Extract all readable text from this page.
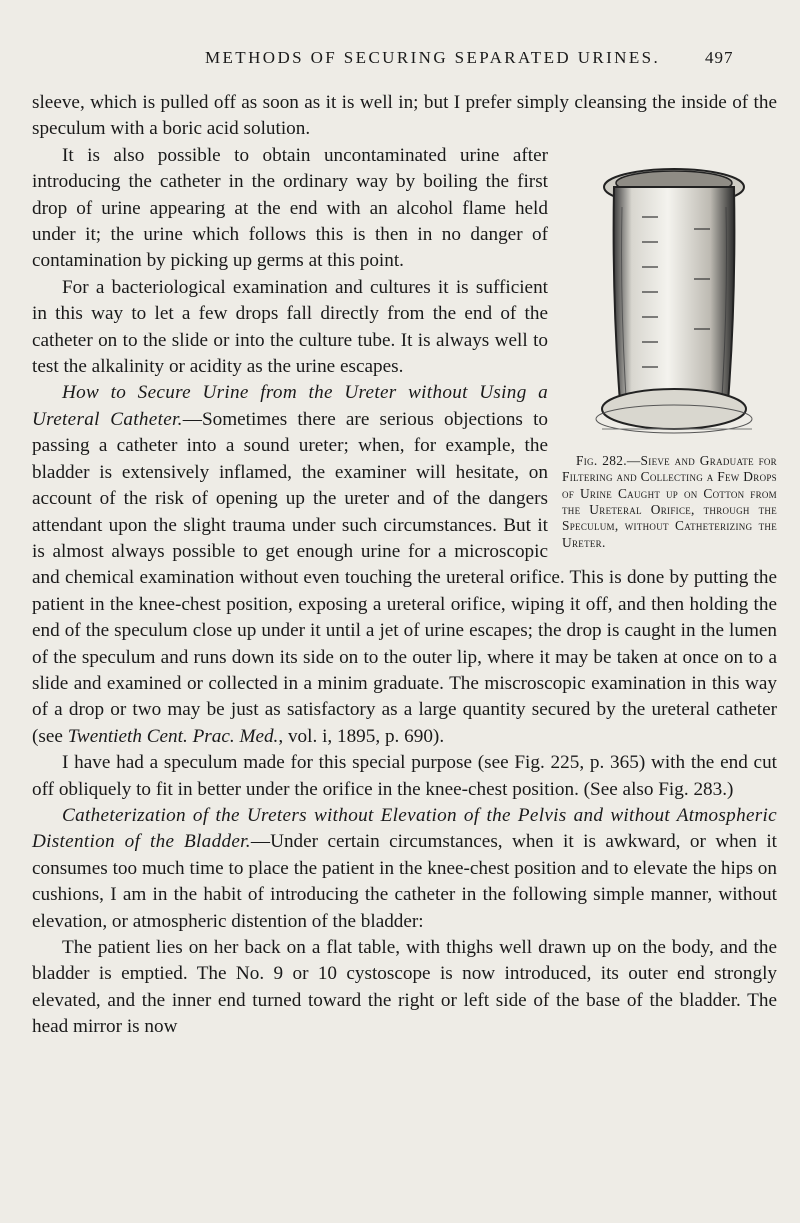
METHODS OF SECURING SEPARATED URINES.	497

sleeve, which is pulled off as soon as it is well in; but I prefer simply cleansing the inside of the speculum with a boric acid solution.

Fig. 282.—Sieve and Graduate for Filtering and Collecting a Few Drops of Urine Caught up on Cotton from the Ureteral Orifice, through the Speculum, without Catheterizing the Ureter.

It is also possible to obtain uncontaminated urine after introducing the catheter in the ordinary way by boiling the first drop of urine appearing at the end with an alcohol flame held under it; the urine which follows this is then in no danger of contamination by picking up germs at this point.

For a bacteriological examination and cultures it is sufficient in this way to let a few drops fall directly from the end of the catheter on to the slide or into the culture tube. It is always well to test the alkalinity or acidity as the urine escapes.

How to Secure Urine from the Ureter without Using a Ureteral Catheter.—Sometimes there are serious objections to passing a catheter into a sound ureter; when, for example, the bladder is extensively inflamed, the examiner will hesitate, on account of the risk of opening up the ureter and of the dangers attendant upon the slight trauma under such circumstances. But it is almost always possible to get enough urine for a microscopic and chemical examination without even touching the ureteral orifice. This is done by putting the patient in the knee-chest position, exposing a ureteral orifice, wiping it off, and then holding the end of the speculum close up under it until a jet of urine escapes; the drop is caught in the lumen of the speculum and runs down its side on to the outer lip, where it may be taken at once on to a slide and examined or collected in a minim graduate. The miscroscopic examination in this way of a drop or two may be just as satisfactory as a large quantity secured by the ureteral catheter (see Twentieth Cent. Prac. Med., vol. i, 1895, p. 690).

I have had a speculum made for this special purpose (see Fig. 225, p. 365) with the end cut off obliquely to fit in better under the orifice in the knee-chest position. (See also Fig. 283.)

Catheterization of the Ureters without Elevation of the Pelvis and without Atmospheric Distention of the Bladder.—Under certain circumstances, when it is awkward, or when it consumes too much time to place the patient in the knee-chest position and to elevate the hips on cushions, I am in the habit of introducing the catheter in the following simple manner, without elevation, or atmospheric distention of the bladder:

The patient lies on her back on a flat table, with thighs well drawn up on the body, and the bladder is emptied. The No. 9 or 10 cystoscope is now introduced, its outer end strongly elevated, and the inner end turned toward the right or left side of the base of the bladder. The head mirror is now
